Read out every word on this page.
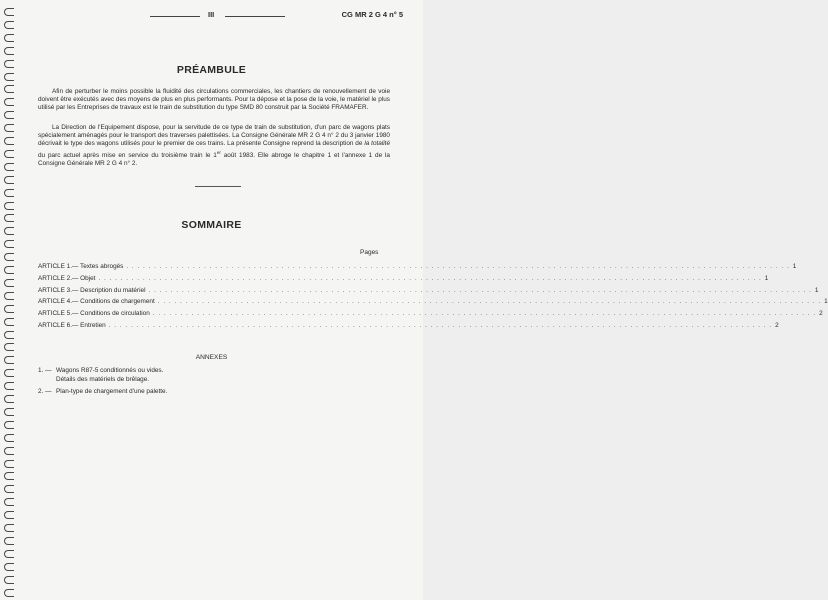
III	CG MR 2 G 4 n° 5
PRÉAMBULE
Afin de perturber le moins possible la fluidité des circulations commerciales, les chantiers de renouvellement de voie doivent être exécutés avec des moyens de plus en plus performants. Pour la dépose et la pose de la voie, le matériel le plus utilisé par les Entreprises de travaux est le train de substitution du type SMD 80 construit par la Société FRAMAFER.
La Direction de l'Equipement dispose, pour la servitude de ce type de train de substitution, d'un parc de wagons plats spécialement aménagés pour le transport des traverses palettisées. La Consigne Générale MR 2 G 4 n° 2 du 3 janvier 1980 décrivait le type des wagons utilisés pour le premier de ces trains. La présente Consigne reprend la description de la totalité du parc actuel après mise en service du troisième train le 1er août 1983. Elle abroge le chapitre 1 et l'annexe 1 de la Consigne Générale MR 2 G 4 n° 2.
SOMMAIRE
Pages
ARTICLE 1. — Textes abrogés . . . . . . . . . . . . . . . . . . . . . . . . . . . . . . . . . . . . . . . . . . . . . . . . . . . . . . . . . . . . . . . . . . . . . . . . . . . . . . . . . . . . . . . . . . . . . . . . . . . . . . . . . . . . . . . . . . . . . . . . 1
ARTICLE 2. — Objet . . . . . . . . . . . . . . . . . . . . . . . . . . . . . . . . . . . . . . . . . . . . . . . . . . . . . . . . . . . . . . . . . . . . . . . . . . . . . . . . . . . . . . . . . . . . . . . . . . . . . . . . . . . . . . . . . . . . . . . . 1
ARTICLE 3. — Description du matériel . . . . . . . . . . . . . . . . . . . . . . . . . . . . . . . . . . . . . . . . . . . . . . . . . . . . . . . . . . . . . . . . . . . . . . . . . . . . . . . . . . . . . . . . . . . . . . . . . . . . . . . . . . . . . . . . . . . . . . . . 1
ARTICLE 4. — Conditions de chargement . . . . . . . . . . . . . . . . . . . . . . . . . . . . . . . . . . . . . . . . . . . . . . . . . . . . . . . . . . . . . . . . . . . . . . . . . . . . . . . . . . . . . . . . . . . . . . . . . . . . . . . . . . . . . . . . . . . . . . . . 1
ARTICLE 5. — Conditions de circulation . . . . . . . . . . . . . . . . . . . . . . . . . . . . . . . . . . . . . . . . . . . . . . . . . . . . . . . . . . . . . . . . . . . . . . . . . . . . . . . . . . . . . . . . . . . . . . . . . . . . . . . . . . . . . . . . . . . . . . . . 2
ARTICLE 6. — Entretien . . . . . . . . . . . . . . . . . . . . . . . . . . . . . . . . . . . . . . . . . . . . . . . . . . . . . . . . . . . . . . . . . . . . . . . . . . . . . . . . . . . . . . . . . . . . . . . . . . . . . . . . . . . . . . . . . . . . . . . . 2
ANNEXES
1. — Wagons R87-5 conditionnés ou vides.
Détails des matériels de brêlage.
2. — Plan-type de chargement d'une palette.
